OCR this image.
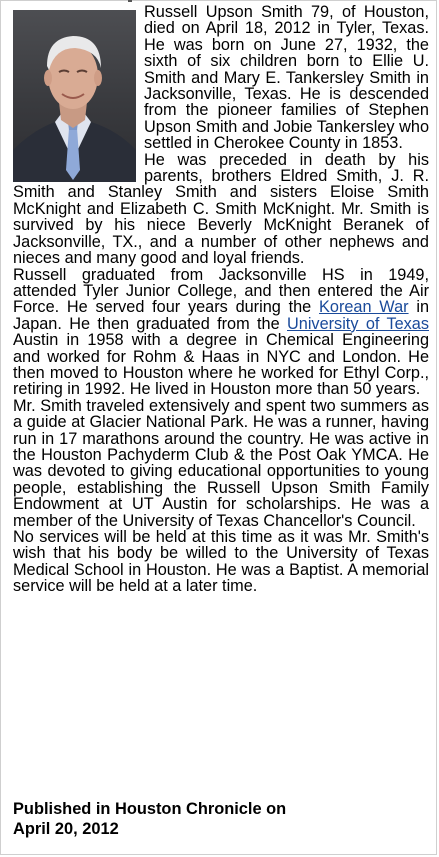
Russell Upson Smith 79, of Houston, died on April 18, 2012 in Tyler, Texas. He was born on June 27, 1932, the sixth of six children born to Ellie U. Smith and Mary E. Tankersley Smith in Jacksonville, Texas. He is descended from the pioneer families of Stephen Upson Smith and Jobie Tankersley who settled in Cherokee County in 1853.

He was preceded in death by his parents, brothers Eldred Smith, J. R. Smith and Stanley Smith and sisters Eloise Smith McKnight and Elizabeth C. Smith McKnight. Mr. Smith is survived by his niece Beverly McKnight Beranek of Jacksonville, TX., and a number of other nephews and nieces and many good and loyal friends.

Russell graduated from Jacksonville HS in 1949, attended Tyler Junior College, and then entered the Air Force. He served four years during the Korean War in Japan. He then graduated from the University of Texas Austin in 1958 with a degree in Chemical Engineering and worked for Rohm & Haas in NYC and London. He then moved to Houston where he worked for Ethyl Corp., retiring in 1992. He lived in Houston more than 50 years.

Mr. Smith traveled extensively and spent two summers as a guide at Glacier National Park. He was a runner, having run in 17 marathons around the country. He was active in the Houston Pachyderm Club & the Post Oak YMCA. He was devoted to giving educational opportunities to young people, establishing the Russell Upson Smith Family Endowment at UT Austin for scholarships. He was a member of the University of Texas Chancellor's Council.

No services will be held at this time as it was Mr. Smith's wish that his body be willed to the University of Texas Medical School in Houston. He was a Baptist. A memorial service will be held at a later time.

Published in Houston Chronicle on
April 20, 2012
